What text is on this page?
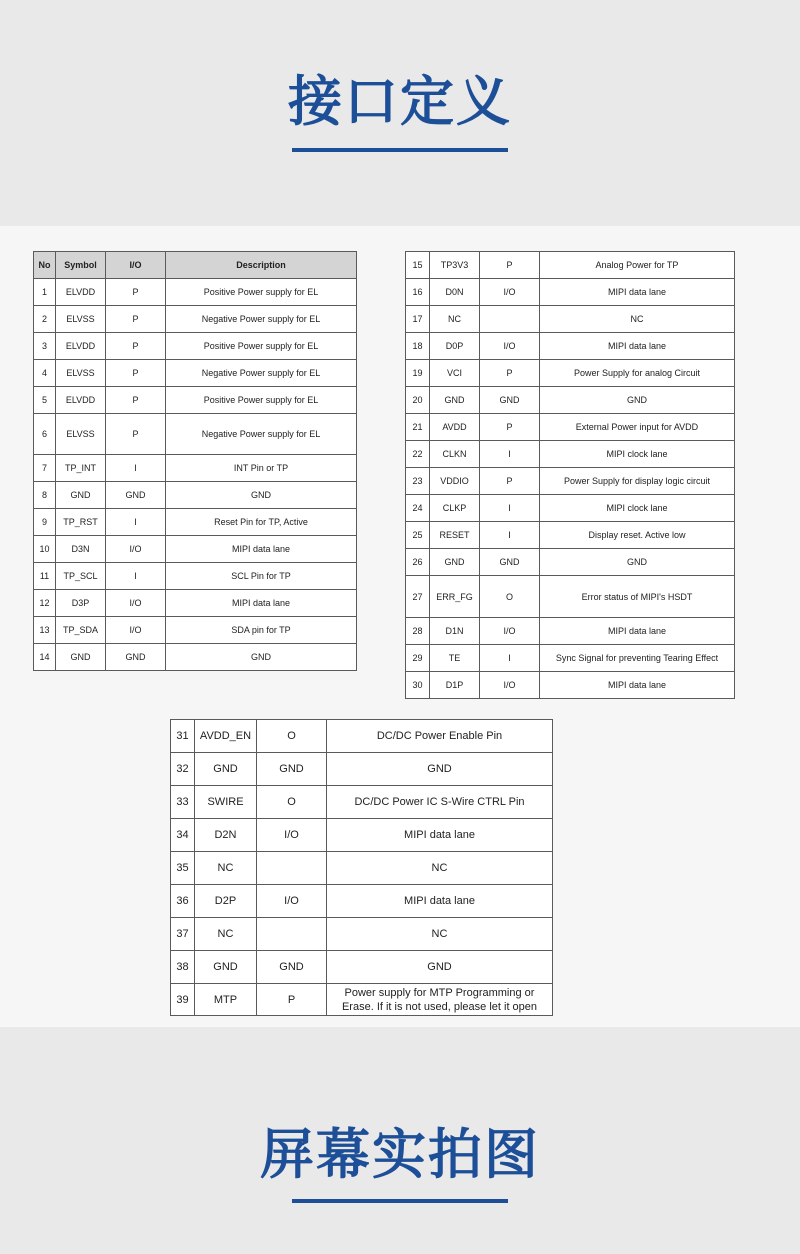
接口定义
No	Symbol	I/O	Description
1	ELVDD	P	Positive Power supply for EL
2	ELVSS	P	Negative Power supply for EL
3	ELVDD	P	Positive Power supply for EL
4	ELVSS	P	Negative Power supply for EL
5	ELVDD	P	Positive Power supply for EL
6	ELVSS	P	Negative Power supply for EL
7	TP_INT	I	INT Pin or TP
8	GND	GND	GND
9	TP_RST	I	Reset Pin for TP, Active
10	D3N	I/O	MIPI data lane
11	TP_SCL	I	SCL Pin for TP
12	D3P	I/O	MIPI data lane
13	TP_SDA	I/O	SDA pin for TP
14	GND	GND	GND
15	TP3V3	P	Analog Power for TP
16	D0N	I/O	MIPI data lane
17	NC		NC
18	D0P	I/O	MIPI data lane
19	VCI	P	Power Supply for analog Circuit
20	GND	GND	GND
21	AVDD	P	External Power input for AVDD
22	CLKN	I	MIPI clock lane
23	VDDIO	P	Power Supply for display logic circuit
24	CLKP	I	MIPI clock lane
25	RESET	I	Display reset. Active low
26	GND	GND	GND
27	ERR_FG	O	Error status of MIPI's HSDT
28	D1N	I/O	MIPI data lane
29	TE	I	Sync Signal for preventing Tearing Effect
30	D1P	I/O	MIPI data lane
31	AVDD_EN	O	DC/DC Power Enable Pin
32	GND	GND	GND
33	SWIRE	O	DC/DC Power IC S-Wire CTRL Pin
34	D2N	I/O	MIPI data lane
35	NC		NC
36	D2P	I/O	MIPI data lane
37	NC		NC
38	GND	GND	GND
39	MTP	P	Power supply for MTP Programming or Erase. If it is not used, please let it open
屏幕实拍图
